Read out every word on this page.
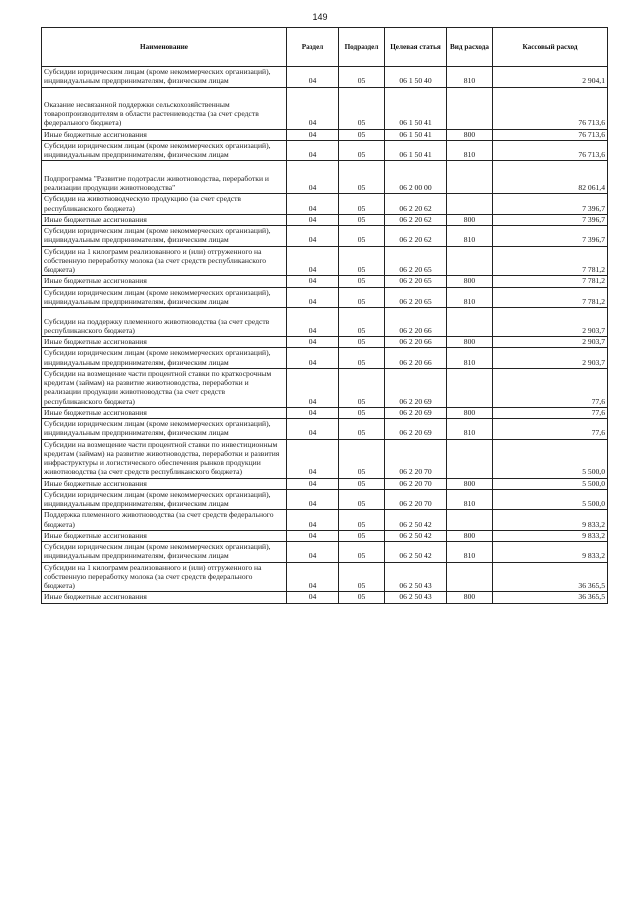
149
Наименование	Раздел	Подраздел	Целевая статья	Вид расхода	Кассовый расход
Субсидии юридическим лицам (кроме некоммерческих организаций), индивидуальным предпринимателям, физическим лицам	04	05	06 1 50 40	810	2 904,1
Оказание несвязанной поддержки сельскохозяйственным товаропроизводителям в области растениеводства (за счет средств федерального бюджета)	04	05	06 1 50 41		76 713,6
Иные бюджетные ассигнования	04	05	06 1 50 41	800	76 713,6
Субсидии юридическим лицам (кроме некоммерческих организаций), индивидуальным предпринимателям, физическим лицам	04	05	06 1 50 41	810	76 713,6
Подпрограмма "Развитие подотрасли животноводства, переработки и реализации продукции животноводства"	04	05	06 2 00 00		82 061,4
Субсидии на животноводческую продукцию (за счет средств республиканского бюджета)	04	05	06 2 20 62		7 396,7
Иные бюджетные ассигнования	04	05	06 2 20 62	800	7 396,7
Субсидии юридическим лицам (кроме некоммерческих организаций), индивидуальным предпринимателям, физическим лицам	04	05	06 2 20 62	810	7 396,7
Субсидии на 1 килограмм реализованного и (или) отгруженного на собственную переработку молока (за счет средств республиканского бюджета)	04	05	06 2 20 65		7 781,2
Иные бюджетные ассигнования	04	05	06 2 20 65	800	7 781,2
Субсидии юридическим лицам (кроме некоммерческих организаций), индивидуальным предпринимателям, физическим лицам	04	05	06 2 20 65	810	7 781,2
Субсидии на поддержку племенного животноводства (за счет средств республиканского бюджета)	04	05	06 2 20 66		2 903,7
Иные бюджетные ассигнования	04	05	06 2 20 66	800	2 903,7
Субсидии юридическим лицам (кроме некоммерческих организаций), индивидуальным предпринимателям, физическим лицам	04	05	06 2 20 66	810	2 903,7
Субсидии на возмещение части процентной ставки по краткосрочным кредитам (займам) на развитие животноводства, переработки и реализации продукции животноводства (за счет средств республиканского бюджета)	04	05	06 2 20 69		77,6
Иные бюджетные ассигнования	04	05	06 2 20 69	800	77,6
Субсидии юридическим лицам (кроме некоммерческих организаций), индивидуальным предпринимателям, физическим лицам	04	05	06 2 20 69	810	77,6
Субсидии на возмещение части процентной ставки по инвестиционным кредитам (займам) на развитие животноводства, переработки и развития инфраструктуры и логистического обеспечения рынков продукции животноводства (за счет средств республиканского бюджета)	04	05	06 2 20 70		5 500,0
Иные бюджетные ассигнования	04	05	06 2 20 70	800	5 500,0
Субсидии юридическим лицам (кроме некоммерческих организаций), индивидуальным предпринимателям, физическим лицам	04	05	06 2 20 70	810	5 500,0
Поддержка племенного животноводства (за счет средств федерального бюджета)	04	05	06 2 50 42		9 833,2
Иные бюджетные ассигнования	04	05	06 2 50 42	800	9 833,2
Субсидии юридическим лицам (кроме некоммерческих организаций), индивидуальным предпринимателям, физическим лицам	04	05	06 2 50 42	810	9 833,2
Субсидии на 1 килограмм реализованного и (или) отгруженного на собственную переработку молока (за счет средств федерального бюджета)	04	05	06 2 50 43		36 365,5
Иные бюджетные ассигнования	04	05	06 2 50 43	800	36 365,5
